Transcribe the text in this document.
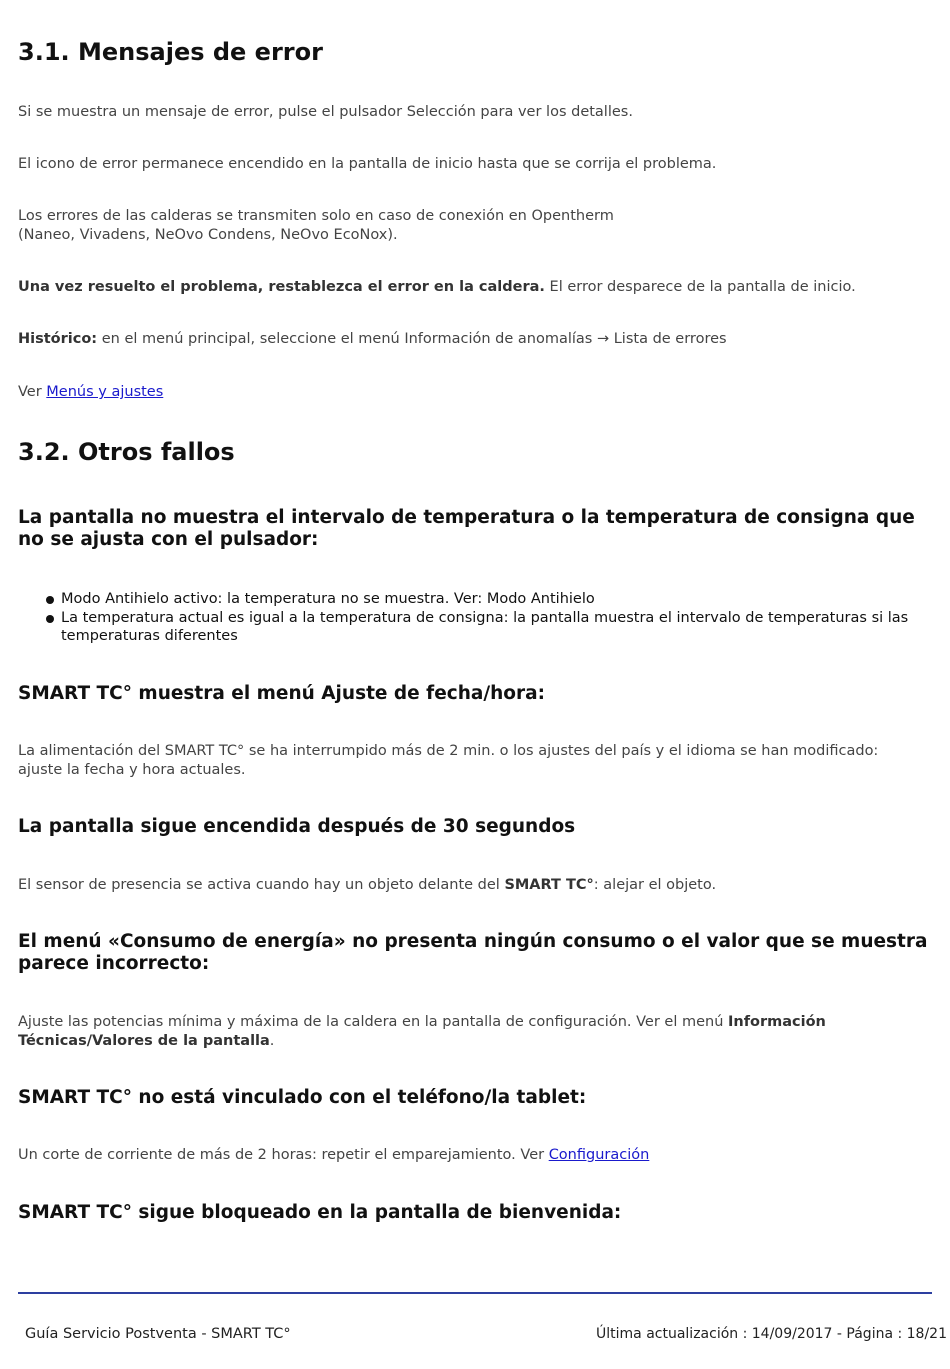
3.1. Mensajes de error

Si se muestra un mensaje de error, pulse el pulsador Selección para ver los detalles.

El icono de error permanece encendido en la pantalla de inicio hasta que se corrija el problema.

Los errores de las calderas se transmiten solo en caso de conexión en Opentherm
(Naneo, Vivadens, NeOvo Condens, NeOvo EcoNox).

Una vez resuelto el problema, restablezca el error en la caldera. El error desparece de la pantalla de inicio.

Histórico: en el menú principal, seleccione el menú Información de anomalías → Lista de errores

Ver Menús y ajustes

3.2. Otros fallos
La pantalla no muestra el intervalo de temperatura o la temperatura de consigna que no se ajusta con el pulsador:
Modo Antihielo activo: la temperatura no se muestra. Ver: Modo Antihielo
La temperatura actual es igual a la temperatura de consigna: la pantalla muestra el intervalo de temperaturas si las
temperaturas diferentes
SMART TC° muestra el menú Ajuste de fecha/hora:

La alimentación del SMART TC° se ha interrumpido más de 2 min. o los ajustes del país y el idioma se han modificado:
ajuste la fecha y hora actuales.

La pantalla sigue encendida después de 30 segundos

El sensor de presencia se activa cuando hay un objeto delante del SMART TC°: alejar el objeto.

El menú «Consumo de energía» no presenta ningún consumo o el valor que se muestra parece incorrecto:

Ajuste las potencias mínima y máxima de la caldera en la pantalla de configuración. Ver el menú Información Técnicas/Valores de la pantalla.

SMART TC° no está vinculado con el teléfono/la tablet:

Un corte de corriente de más de 2 horas: repetir el emparejamiento. Ver Configuración

SMART TC° sigue bloqueado en la pantalla de bienvenida:
Guía Servicio Postventa - SMART TC°	Última actualización : 14/09/2017 - Página : 18/21
